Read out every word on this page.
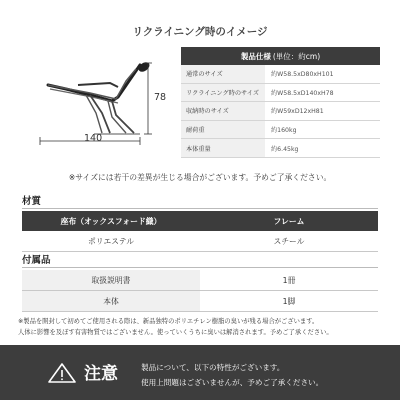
リクライニング時のイメージ
78
140
製品仕様 (単位：約cm)
通常のサイズ	約W58.5xD80xH101
リクライニング時のサイズ	約W58.5xD140xH78
収納時のサイズ	約W59xD12xH81
耐荷重	約160kg
本体重量	約6.45kg
※サイズには若干の差異が生じる場合がございます。予めご了承ください。
材質
座布（オックスフォード織）	フレーム
ポリエステル	スチール
付属品
取扱説明書	1冊
本体	1脚
※製品を開封して初めてご使用される際は、新品独特のポリエチレン樹脂の臭いが残る場合がございます。
人体に影響を及ぼす有害物質ではございません。使っていくうちに臭いは解消されます。予めご了承ください。
注意	製品について、以下の特性がございます。
使用上問題はございませんが、予めご了承ください。
